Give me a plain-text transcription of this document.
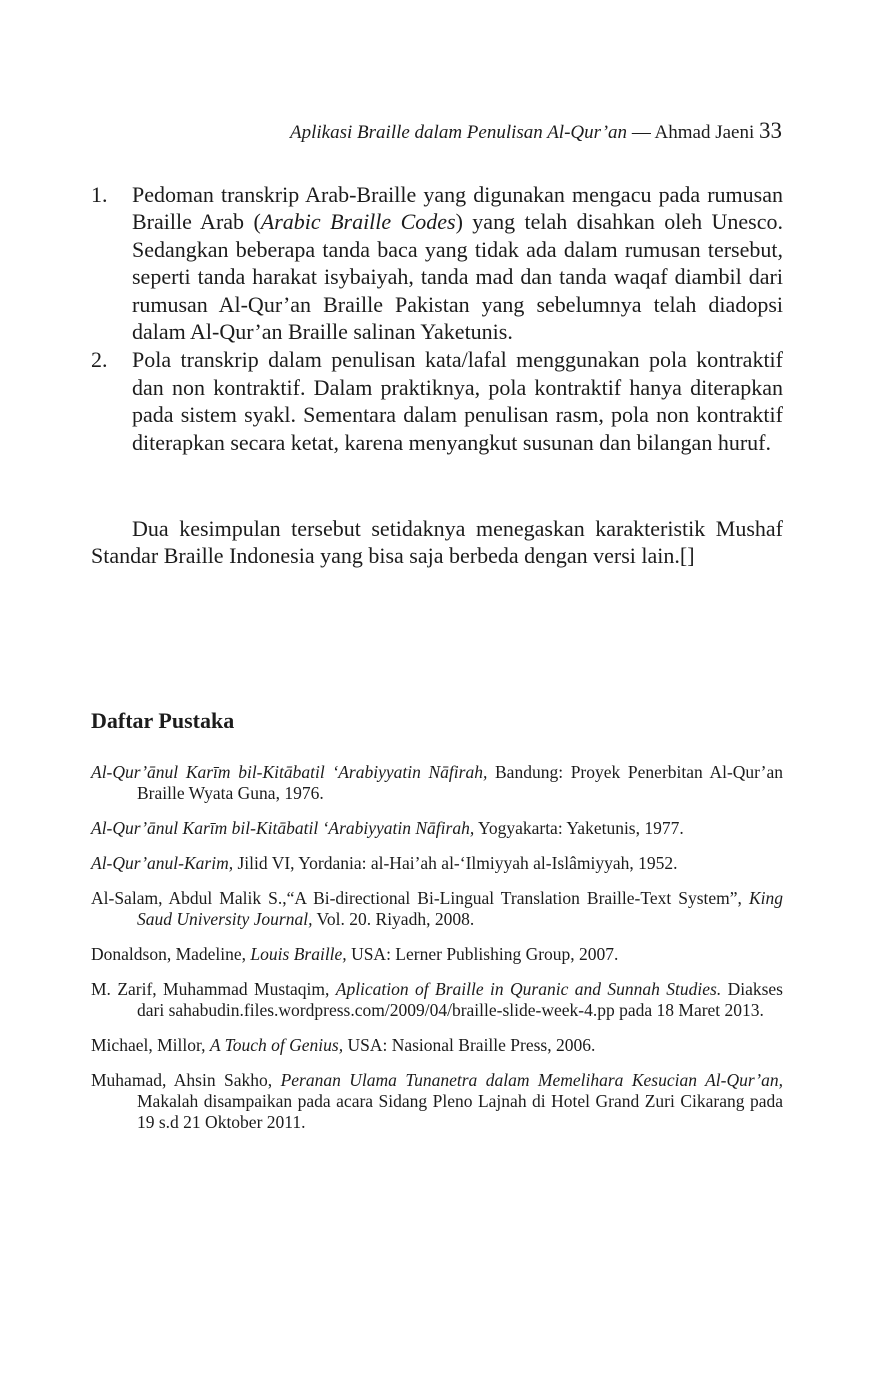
Aplikasi Braille dalam Penulisan Al-Qur’an — Ahmad Jaeni 33
1. Pedoman transkrip Arab-Braille yang digunakan mengacu pada rumusan Braille Arab (Arabic Braille Codes) yang telah disahkan oleh Unesco. Sedangkan beberapa tanda baca yang tidak ada dalam rumusan tersebut, seperti tanda harakat isybaiyah, tanda mad dan tanda waqaf diambil dari rumusan Al-Qur’an Braille Pakistan yang sebelumnya telah diadopsi dalam Al-Qur’an Braille salinan Yaketunis.
2. Pola transkrip dalam penulisan kata/lafal menggunakan pola kontraktif dan non kontraktif. Dalam praktiknya, pola kontraktif hanya diterapkan pada sistem syakl. Sementara dalam penulisan rasm, pola non kontraktif diterapkan secara ketat, karena menyangkut susunan dan bilangan huruf.

Dua kesimpulan tersebut setidaknya menegaskan karakteristik Mushaf Standar Braille Indonesia yang bisa saja berbeda dengan versi lain.[]

Daftar Pustaka

Al-Qur’ānul Karīm bil-Kitābatil ‘Arabiyyatin Nāfirah, Bandung: Proyek Penerbitan Al-Qur’an Braille Wyata Guna, 1976.

Al-Qur’ānul Karīm bil-Kitābatil ‘Arabiyyatin Nāfirah, Yogyakarta: Yaketunis, 1977.

Al-Qur’anul-Karim, Jilid VI, Yordania: al-Hai’ah al-‘Ilmiyyah al-Islâmiyyah, 1952.

Al-Salam, Abdul Malik S.,“A Bi-directional Bi-Lingual Translation Braille-Text System”, King Saud University Journal, Vol. 20. Riyadh, 2008.

Donaldson, Madeline, Louis Braille, USA: Lerner Publishing Group, 2007.

M. Zarif, Muhammad Mustaqim, Aplication of Braille in Quranic and Sunnah Studies. Diakses dari sahabudin.files.wordpress.com/2009/04/braille-slide-week-4.pp pada 18 Maret 2013.

Michael, Millor, A Touch of Genius, USA: Nasional Braille Press, 2006.

Muhamad, Ahsin Sakho, Peranan Ulama Tunanetra dalam Memelihara Kesucian Al-Qur’an, Makalah disampaikan pada acara Sidang Pleno Lajnah di Hotel Grand Zuri Cikarang pada 19 s.d 21 Oktober 2011.
